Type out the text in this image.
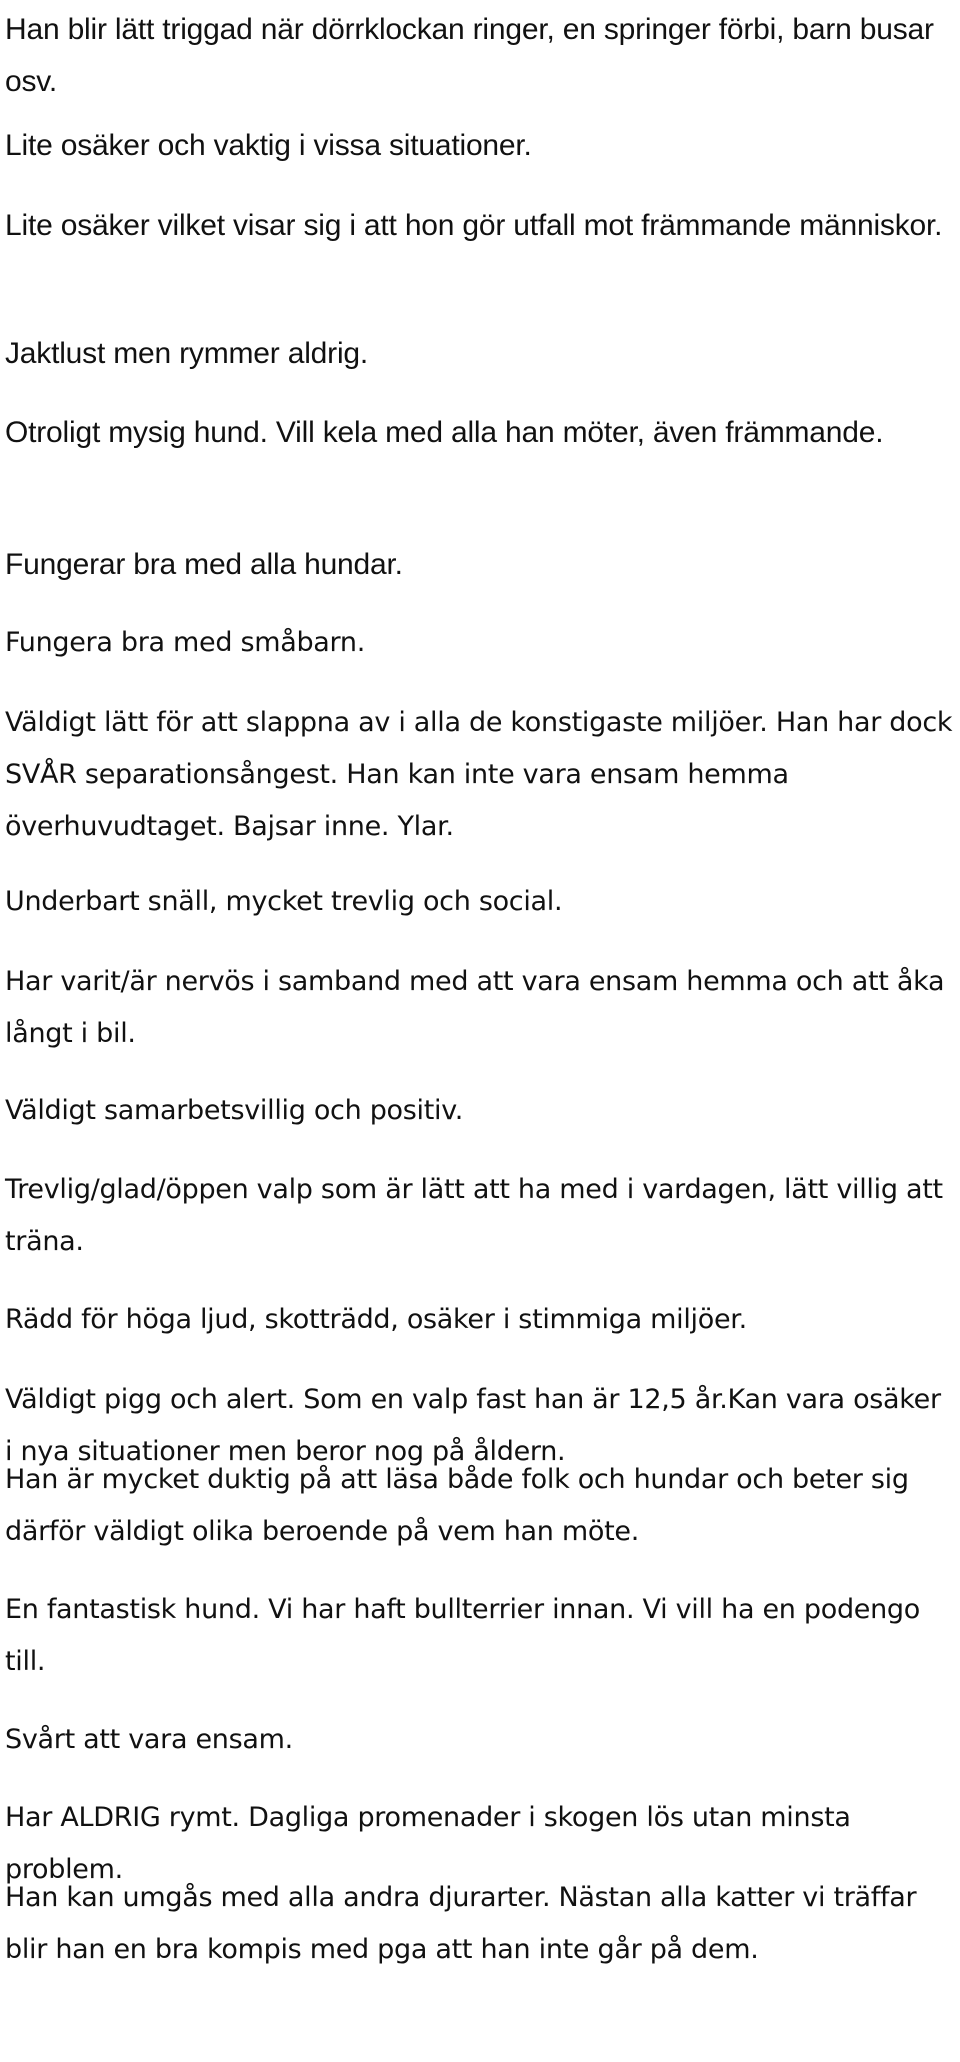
Han blir lätt triggad när dörrklockan ringer, en springer förbi, barn busar osv.

Lite osäker och vaktig i vissa situationer.

Lite osäker vilket visar sig i att hon gör utfall mot främmande människor.

Jaktlust men rymmer aldrig.

Otroligt mysig hund. Vill kela med alla han möter, även främmande.

Fungerar bra med alla hundar.

Fungera bra med småbarn.

Väldigt lätt för att slappna av i alla de konstigaste miljöer. Han har dock SVÅR separationsångest. Han kan inte vara ensam hemma överhuvudtaget. Bajsar inne. Ylar.

Underbart snäll, mycket trevlig och social.

Har varit/är nervös i samband med att vara ensam hemma och att åka långt i bil.

Väldigt samarbetsvillig och positiv.

Trevlig/glad/öppen valp som är lätt att ha med i vardagen, lätt villig att träna.

Rädd för höga ljud, skotträdd, osäker i stimmiga miljöer.

Väldigt pigg och alert. Som en valp fast han är 12,5 år.Kan vara osäker i nya situationer men beror nog på åldern.

Han är mycket duktig på att läsa både folk och hundar och beter sig därför väldigt olika beroende på vem han möte.

En fantastisk hund. Vi har haft bullterrier innan. Vi vill ha en podengo till.

Svårt att vara ensam.

Har ALDRIG rymt. Dagliga promenader i skogen lös utan minsta problem.

Han kan umgås med alla andra djurarter. Nästan alla katter vi träffar blir han en bra kompis med pga att han inte går på dem.
